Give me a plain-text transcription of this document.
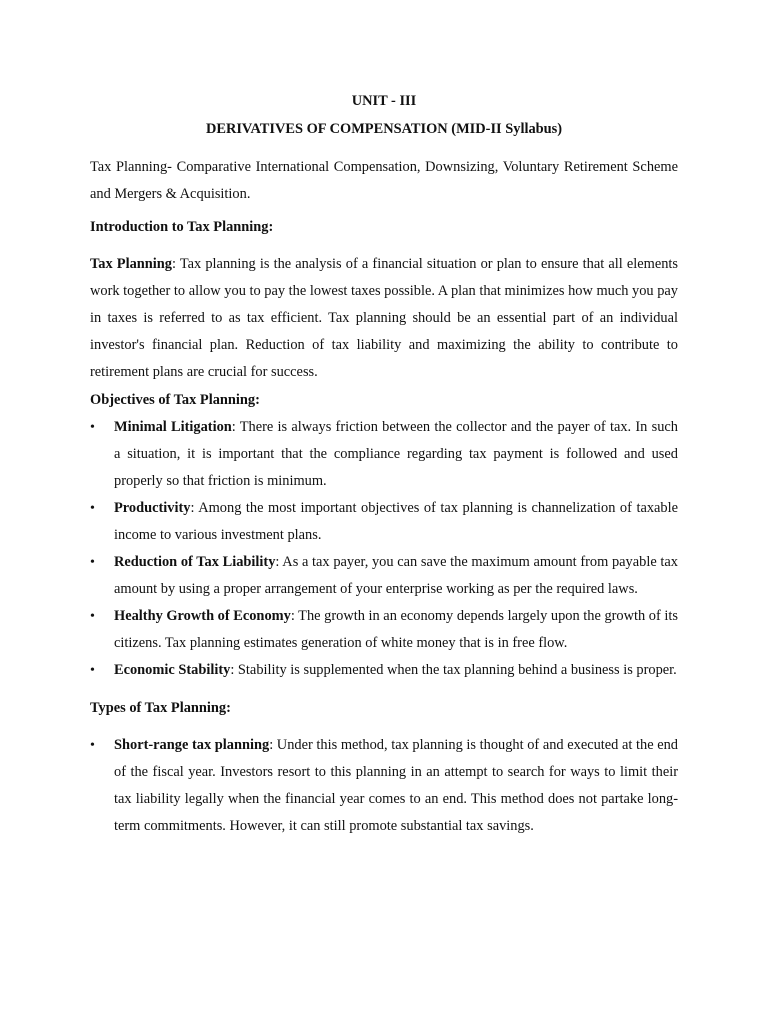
UNIT - III

DERIVATIVES OF COMPENSATION (MID-II Syllabus)

Tax Planning- Comparative International Compensation, Downsizing, Voluntary Retirement Scheme and Mergers & Acquisition.

Introduction to Tax Planning:

Tax Planning: Tax planning is the analysis of a financial situation or plan to ensure that all elements work together to allow you to pay the lowest taxes possible. A plan that minimizes how much you pay in taxes is referred to as tax efficient. Tax planning should be an essential part of an individual investor's financial plan. Reduction of tax liability and maximizing the ability to contribute to retirement plans are crucial for success.

Objectives of Tax Planning:

•	Minimal Litigation: There is always friction between the collector and the payer of tax. In such a situation, it is important that the compliance regarding tax payment is followed and used properly so that friction is minimum.
•	Productivity: Among the most important objectives of tax planning is channelization of taxable income to various investment plans.
•	Reduction of Tax Liability: As a tax payer, you can save the maximum amount from payable tax amount by using a proper arrangement of your enterprise working as per the required laws.
•	Healthy Growth of Economy: The growth in an economy depends largely upon the growth of its citizens. Tax planning estimates generation of white money that is in free flow.
•	Economic Stability: Stability is supplemented when the tax planning behind a business is proper.

Types of Tax Planning:

•	Short-range tax planning: Under this method, tax planning is thought of and executed at the end of the fiscal year. Investors resort to this planning in an attempt to search for ways to limit their tax liability legally when the financial year comes to an end. This method does not partake long-term commitments. However, it can still promote substantial tax savings.
